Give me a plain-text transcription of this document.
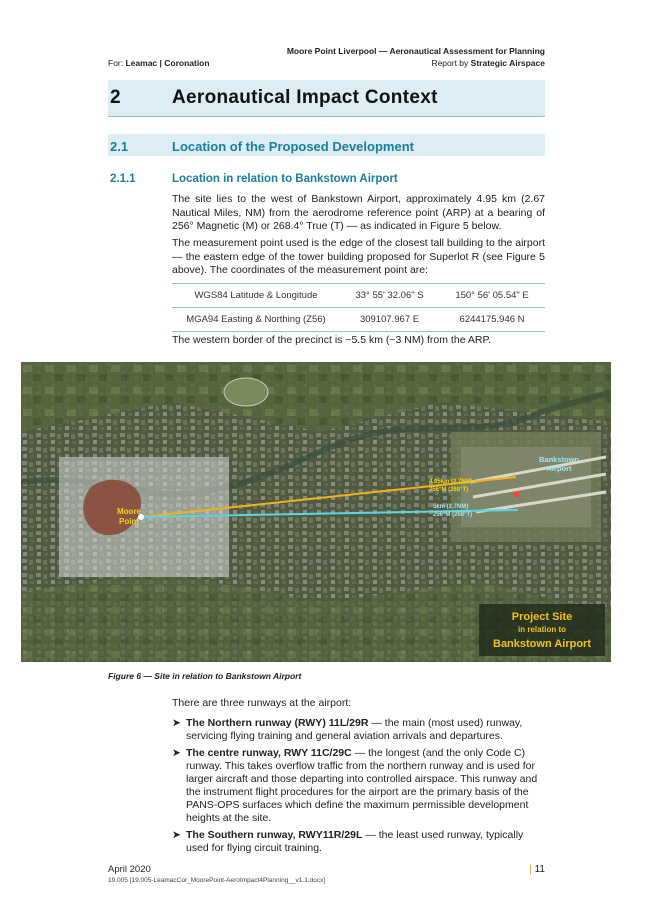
Moore Point Liverpool — Aeronautical Assessment for Planning
For: Leamac | Coronation	Report by Strategic Airspace
2	Aeronautical Impact Context
2.1	Location of the Proposed Development
2.1.1	Location in relation to Bankstown Airport
The site lies to the west of Bankstown Airport, approximately 4.95 km (2.67 Nautical Miles, NM) from the aerodrome reference point (ARP) at a bearing of 256° Magnetic (M) or 268.4° True (T) — as indicated in Figure 5 below.
The measurement point used is the edge of the closest tall building to the airport — the eastern edge of the tower building proposed for Superlot R (see Figure 5 above). The coordinates of the measurement point are:
WGS84 Latitude & Longitude	33° 55' 32.06" S	150° 56' 05.54" E
MGA94 Easting & Northing (Z56)	309107.967 E	6244175.946 N
The western border of the precinct is ~5.5 km (~3 NM) from the ARP.
Moore
Point
Bankstown
Airport
4.95km (2.7NM)
256°M (268°T)
5km (2.7NM)
256°M (268°T)
Project Site
in relation to
Bankstown Airport
Figure 6 — Site in relation to Bankstown Airport
There are three runways at the airport:
➤ The Northern runway (RWY) 11L/29R — the main (most used) runway, servicing flying training and general aviation arrivals and departures.
➤ The centre runway, RWY 11C/29C — the longest (and the only Code C) runway. This takes overflow traffic from the northern runway and is used for larger aircraft and those departing into controlled airspace. This runway and the instrument flight procedures for the airport are the primary basis of the PANS-OPS surfaces which define the maximum permissible development heights at the site.
➤ The Southern runway, RWY11R/29L — the least used runway, typically used for flying circuit training.
April 2020
19.005 [19.005-LeamacCor_MoorePoint-AeroImpact4Planning__v1.1.docx]
| 11
